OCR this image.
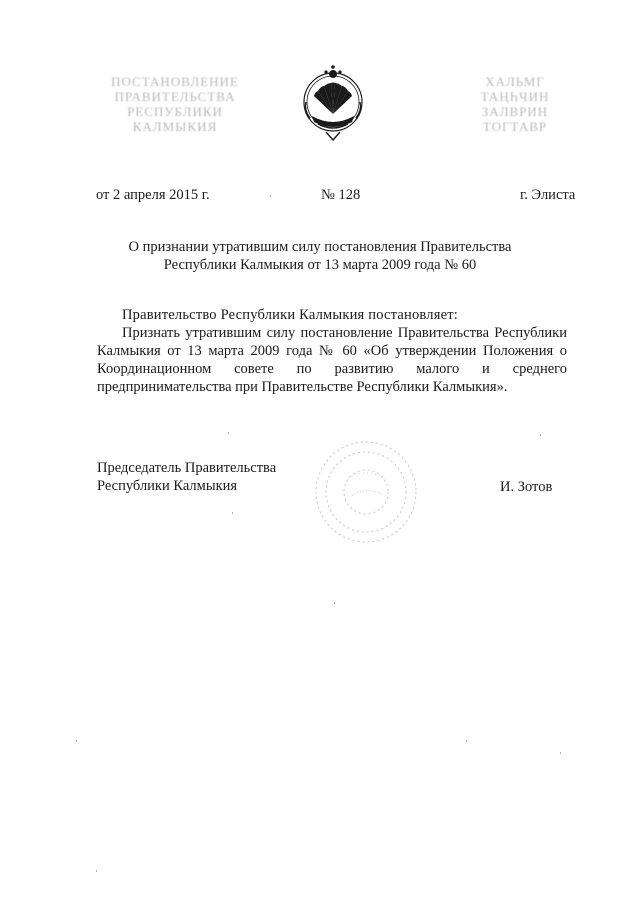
ПОСТАНОВЛЕНИЕ
ПРАВИТЕЛЬСТВА
РЕСПУБЛИКИ
КАЛМЫКИЯ
ХАЛЬМГ
ТАҢҺЧИН
ЗАЛВРИН
ТОГТАВР
от 2 апреля 2015 г.	№ 128	г. Элиста
О признании утратившим силу постановления Правительства
Республики Калмыкия от 13 марта 2009 года № 60
Правительство Республики Калмыкия постановляет:

Признать утратившим силу постановление Правительства Республики Калмыкия от 13 марта 2009 года № 60 «Об утверждении Положения о Координационном совете по развитию малого и среднего предпринимательства при Правительстве Республики Калмыкия».

Председатель Правительства
Республики Калмыкия	И. Зотов
